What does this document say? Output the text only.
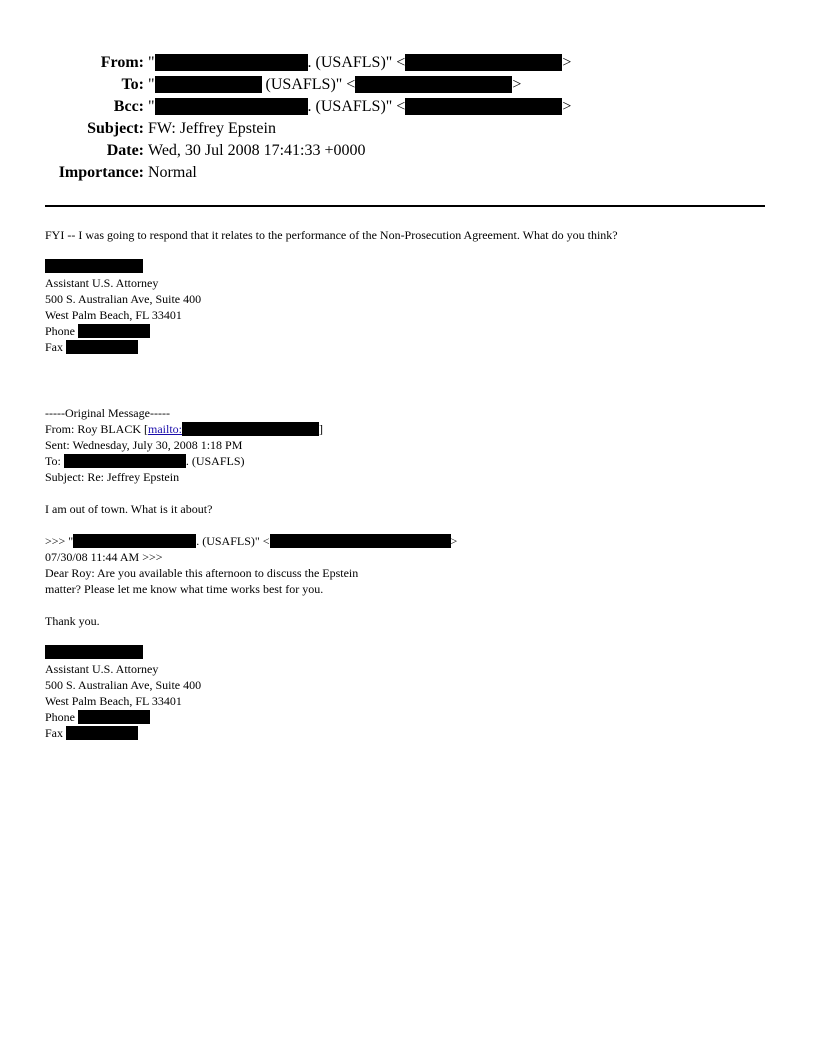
From: "	. (USAFLS)" <	>
To: "	(USAFLS)" <	>
Bcc: "	. (USAFLS)" <	>
Subject: FW: Jeffrey Epstein
Date: Wed, 30 Jul 2008 17:41:33 +0000
Importance: Normal
FYI -- I was going to respond that it relates to the performance of the Non-Prosecution Agreement. What do you think?
Assistant U.S. Attorney
500 S. Australian Ave, Suite 400
West Palm Beach, FL 33401
Phone
Fax
-----Original Message-----
From: Roy BLACK [mailto:	]
Sent: Wednesday, July 30, 2008 1:18 PM
To:	. (USAFLS)
Subject: Re: Jeffrey Epstein
I am out of town. What is it about?
>>> "	. (USAFLS)" <	>
07/30/08 11:44 AM >>>
Dear Roy: Are you available this afternoon to discuss the Epstein
matter? Please let me know what time works best for you.
Thank you.
Assistant U.S. Attorney
500 S. Australian Ave, Suite 400
West Palm Beach, FL 33401
Phone
Fax
